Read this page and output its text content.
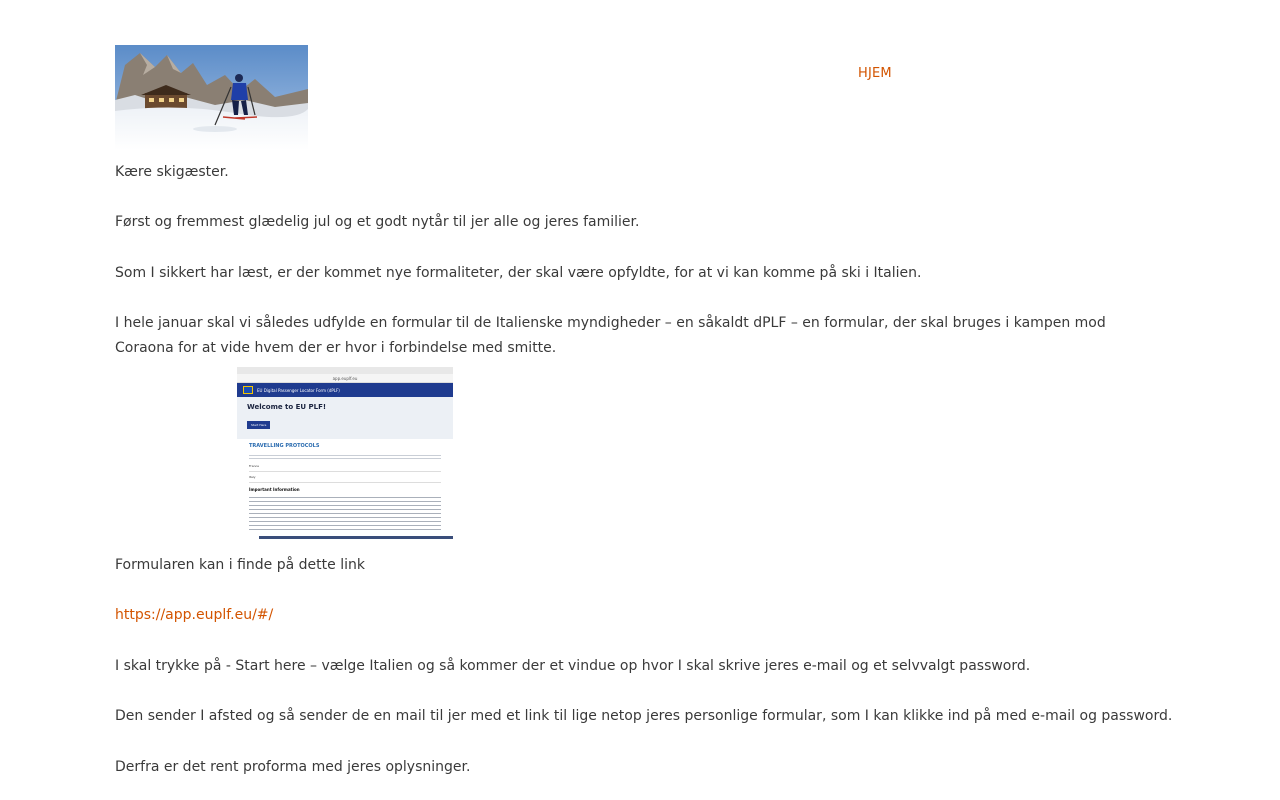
HJEM

Kære skigæster.

Først og fremmest glædelig jul og et godt nytår til jer alle og jeres familier.

Som I sikkert har læst, er der kommet nye formaliteter, der skal være opfyldte, for at vi kan komme på ski i Italien.

I hele januar skal vi således udfylde en formular til de Italienske myndigheder – en såkaldt dPLF – en formular, der skal bruges i kampen mod Coraona for at vide hvem der er hvor i forbindelse med smitte.

Formularen kan i finde på dette link

https://app.euplf.eu/#/

I skal trykke på - Start here – vælge Italien og så kommer der et vindue op hvor I skal skrive jeres e-mail og et selvvalgt password.

Den sender I afsted og så sender de en mail til jer med et link til lige netop jeres personlige formular, som I kan klikke ind på med e-mail og password.

Derfra er det rent proforma med jeres oplysninger.

app.euplf.eu
EU Digital Passenger Locator Form (dPLF)
Welcome to EU PLF!
Start Here
TRAVELLING PROTOCOLS
France
Italy
Important Information
